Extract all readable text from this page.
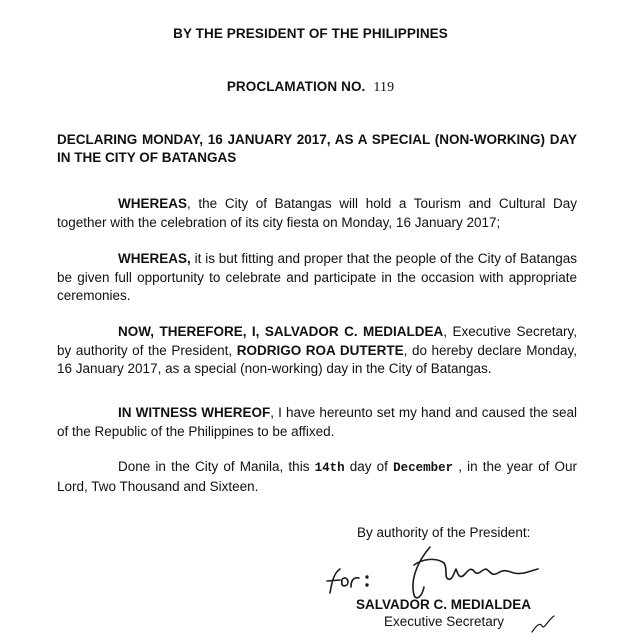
BY THE PRESIDENT OF THE PHILIPPINES
PROCLAMATION NO. 119
DECLARING MONDAY, 16 JANUARY 2017, AS A SPECIAL (NON-WORKING) DAY IN THE CITY OF BATANGAS

WHEREAS, the City of Batangas will hold a Tourism and Cultural Day together with the celebration of its city fiesta on Monday, 16 January 2017;

WHEREAS, it is but fitting and proper that the people of the City of Batangas be given full opportunity to celebrate and participate in the occasion with appropriate ceremonies.

NOW, THEREFORE, I, SALVADOR C. MEDIALDEA, Executive Secretary, by authority of the President, RODRIGO ROA DUTERTE, do hereby declare Monday, 16 January 2017, as a special (non-working) day in the City of Batangas.

IN WITNESS WHEREOF, I have hereunto set my hand and caused the seal of the Republic of the Philippines to be affixed.

Done in the City of Manila, this 14th day of December , in the year of Our Lord, Two Thousand and Sixteen.

By authority of the President:
SALVADOR C. MEDIALDEA
Executive Secretary
